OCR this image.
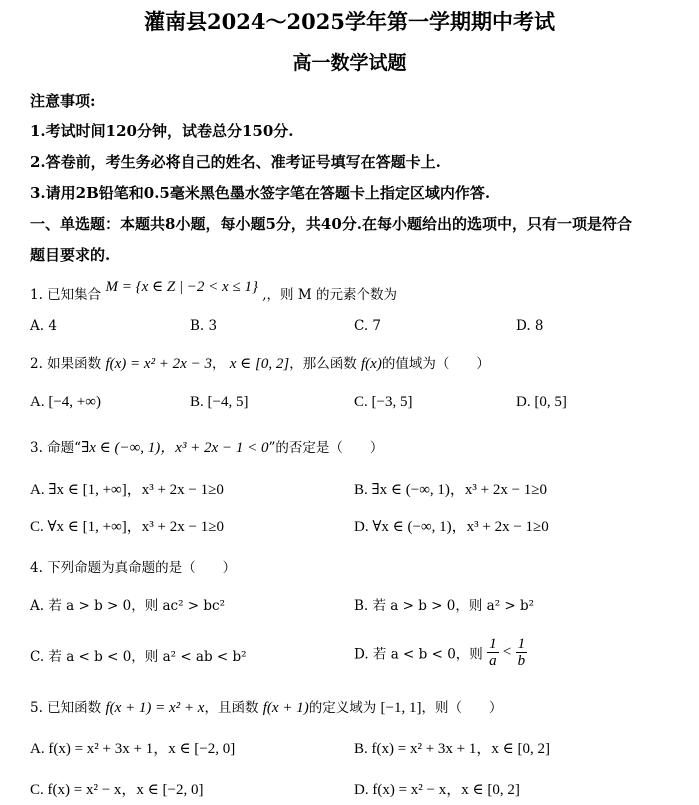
灌南县2024～2025学年第一学期期中考试
高一数学试题
注意事项:
1.考试时间120分钟，试卷总分150分.
2.答卷前，考生务必将自己的姓名、准考证号填写在答题卡上.
3.请用2B铅笔和0.5毫米黑色墨水签字笔在答题卡上指定区域内作答.
一、单选题：本题共8小题，每小题5分，共40分.在每小题给出的选项中，只有一项是符合
题目要求的.
1. 已知集合 M = {x ∈ Z | −2 < x ≤ 1} ,，则 M 的元素个数为
A. 4	B. 3	C. 7	D. 8
2. 如果函数 f(x) = x² + 2x − 3， x ∈ [0, 2]，那么函数 f(x)的值域为（　　）
A. [−4, +∞)	B. [−4, 5]	C. [−3, 5]	D. [0, 5]
3. 命题“∃x ∈ (−∞, 1)，x³ + 2x − 1 < 0”的否定是（　　）
A. ∃x ∈ [1, +∞]，x³ + 2x − 1≥0	B. ∃x ∈ (−∞, 1)，x³ + 2x − 1≥0
C. ∀x ∈ [1, +∞]，x³ + 2x − 1≥0	D. ∀x ∈ (−∞, 1)，x³ + 2x − 1≥0
4. 下列命题为真命题的是（　　）
A. 若 a > b > 0，则 ac² > bc²	B. 若 a > b > 0，则 a² > b²
C. 若 a < b < 0，则 a² < ab < b²	D. 若 a < b < 0，则 $\frac{1}{a} < \frac{1}{b}$
5. 已知函数 f(x + 1) = x² + x，且函数 f(x + 1)的定义域为 [−1, 1]，则（　　）
A. f(x) = x² + 3x + 1，x ∈ [−2, 0]	B. f(x) = x² + 3x + 1，x ∈ [0, 2]
C. f(x) = x² − x，x ∈ [−2, 0]	D. f(x) = x² − x，x ∈ [0, 2]
